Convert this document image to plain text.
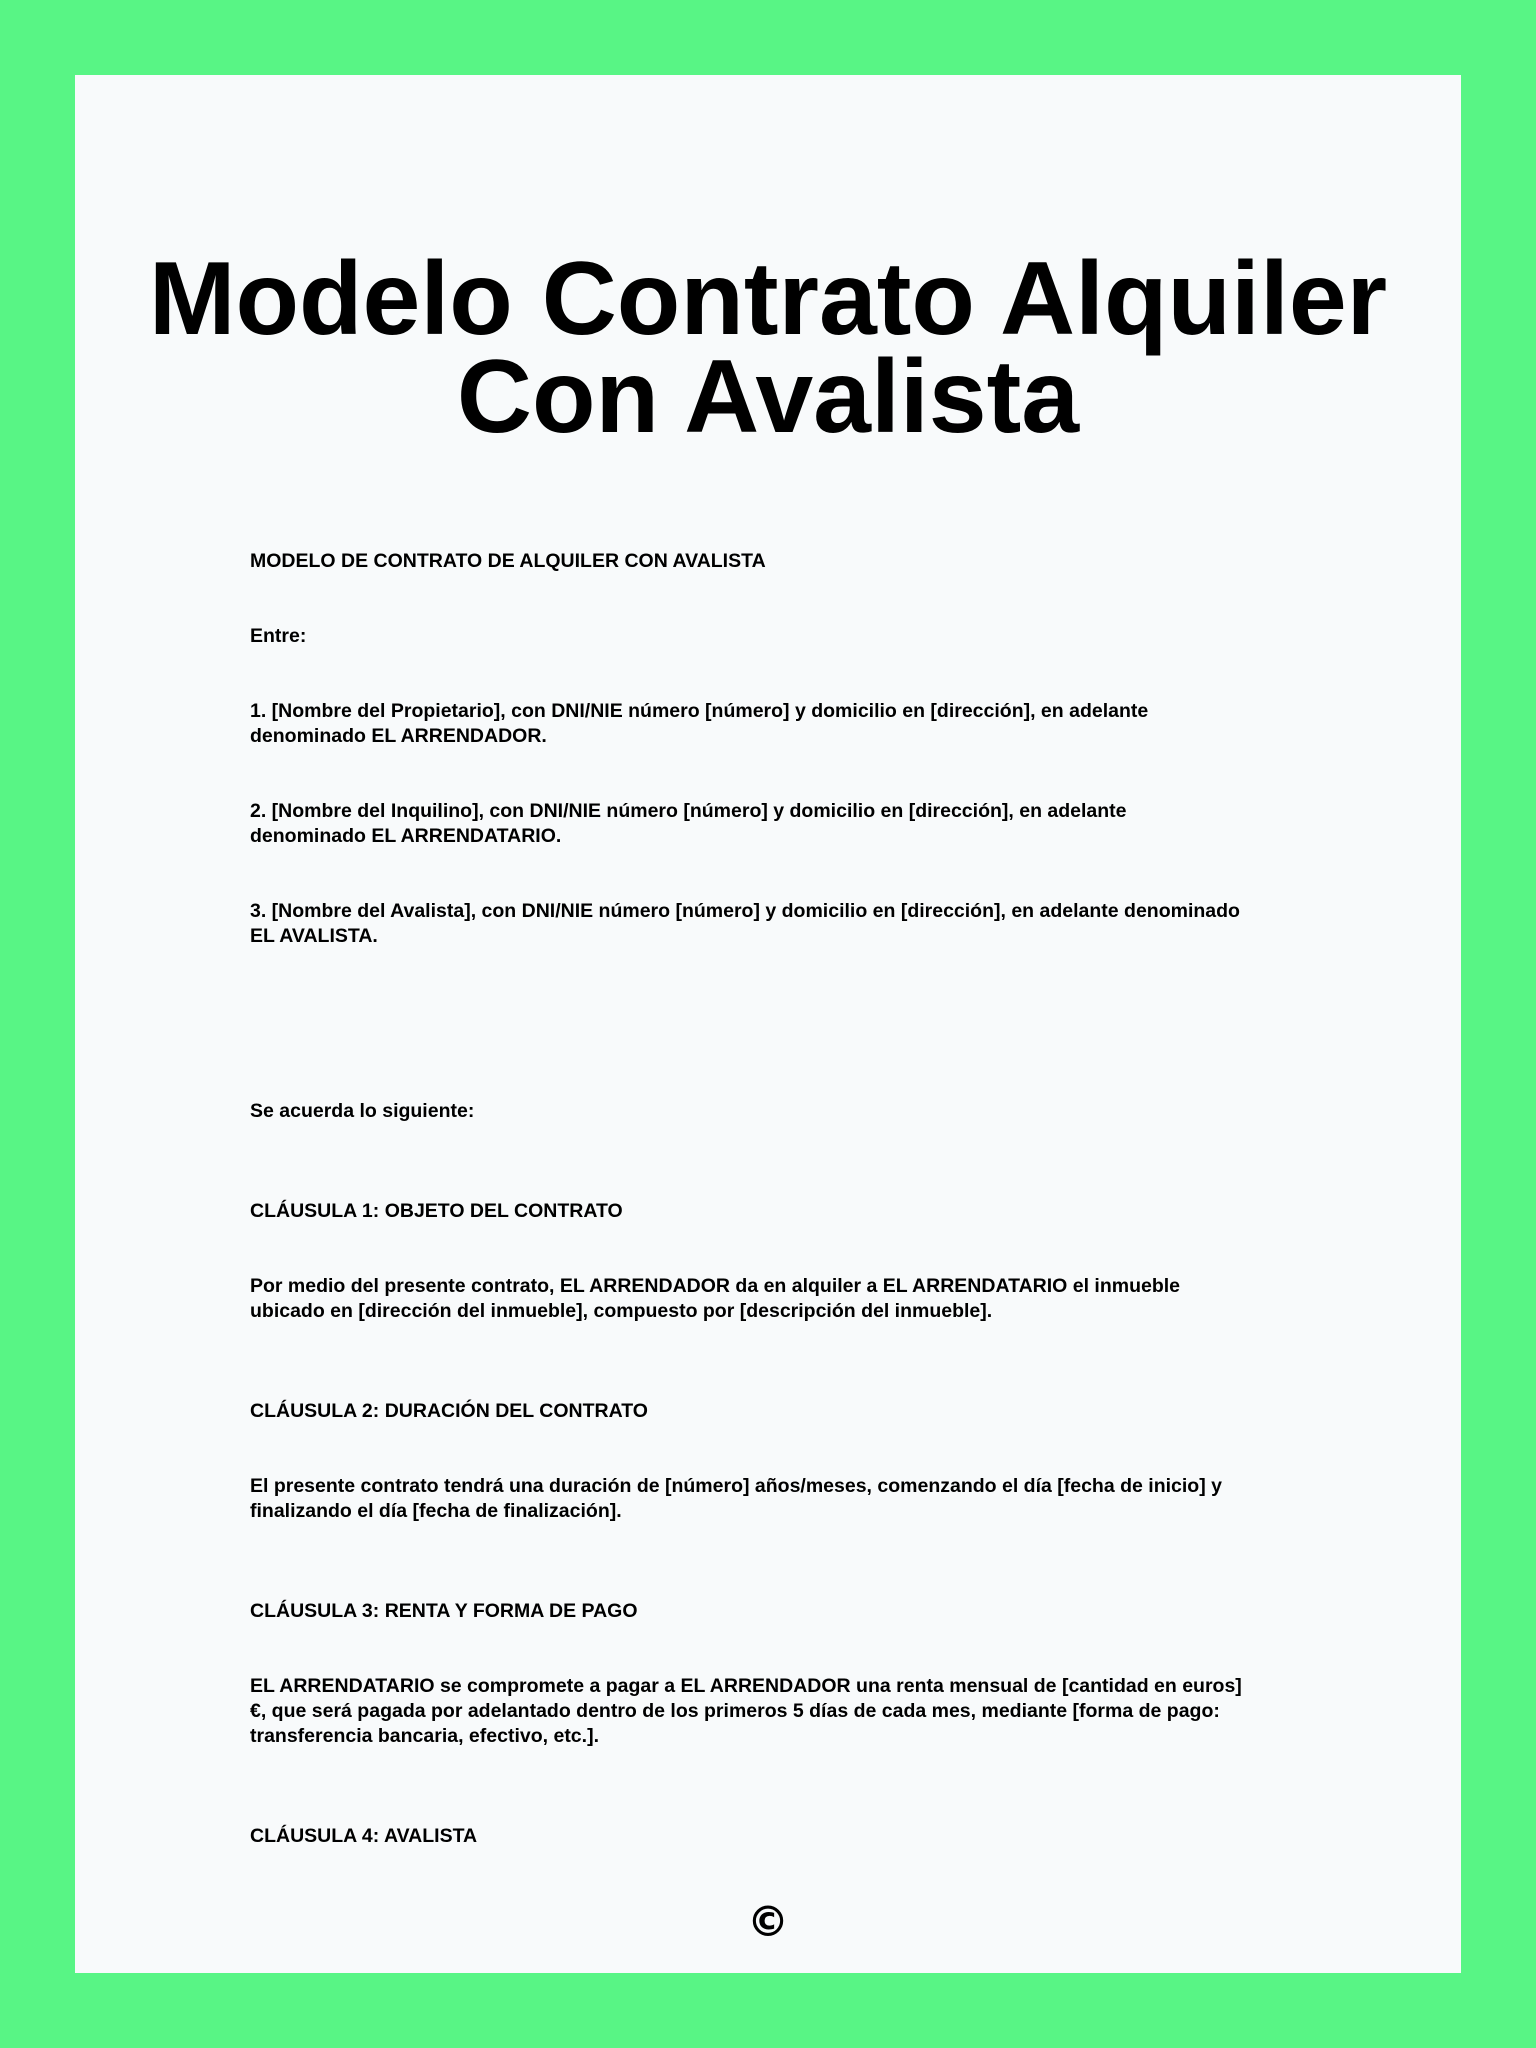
Modelo Contrato Alquiler
Con Avalista

MODELO DE CONTRATO DE ALQUILER CON AVALISTA

Entre:

1. [Nombre del Propietario], con DNI/NIE número [número] y domicilio en [dirección], en adelante
denominado EL ARRENDADOR.

2. [Nombre del Inquilino], con DNI/NIE número [número] y domicilio en [dirección], en adelante
denominado EL ARRENDATARIO.

3. [Nombre del Avalista], con DNI/NIE número [número] y domicilio en [dirección], en adelante denominado
EL AVALISTA.

Se acuerda lo siguiente:

CLÁUSULA 1: OBJETO DEL CONTRATO

Por medio del presente contrato, EL ARRENDADOR da en alquiler a EL ARRENDATARIO el inmueble
ubicado en [dirección del inmueble], compuesto por [descripción del inmueble].

CLÁUSULA 2: DURACIÓN DEL CONTRATO

El presente contrato tendrá una duración de [número] años/meses, comenzando el día [fecha de inicio] y
finalizando el día [fecha de finalización].

CLÁUSULA 3: RENTA Y FORMA DE PAGO

EL ARRENDATARIO se compromete a pagar a EL ARRENDADOR una renta mensual de [cantidad en euros]
€, que será pagada por adelantado dentro de los primeros 5 días de cada mes, mediante [forma de pago:
transferencia bancaria, efectivo, etc.].

CLÁUSULA 4: AVALISTA

©
